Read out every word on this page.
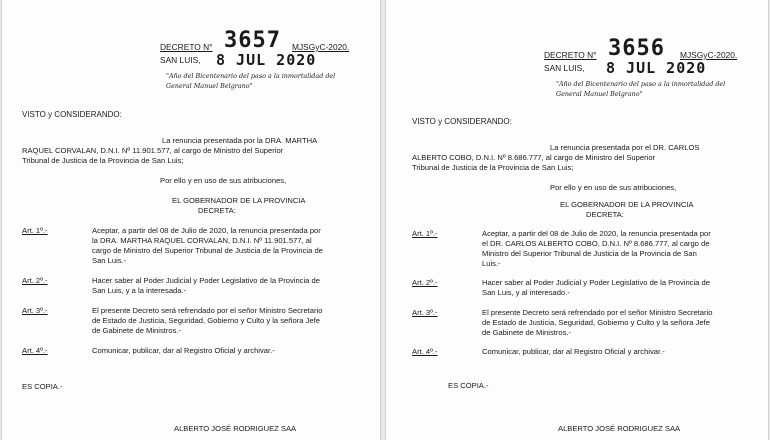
DECRETO N° 3657 MJSGyC-2020.
SAN LUIS, 8 JUL 2020
"Año del Bicentenario del paso a la inmortalidad del
General Manuel Belgrano"
VISTO y CONSIDERANDO:
La renuncia presentada por la DRA. MARTHA
RAQUEL CORVALAN, D.N.I. Nº 11.901.577, al cargo de Ministro del Superior
Tribunal de Justicia de la Provincia de San Luis;
Por ello y en uso de sus atribuciones,
EL GOBERNADOR DE LA PROVINCIA
DECRETA:
Art. 1º.-	Aceptar, a partir del 08 de Julio de 2020, la renuncia presentada por
la DRA. MARTHA RAQUEL CORVALAN, D.N.I. Nº 11.901.577, al
cargo de Ministro del Superior Tribunal de Justicia de la Provincia de
San Luis.-
Art. 2º.-	Hacer saber al Poder Judicial y Poder Legislativo de la Provincia de
San Luis, y a la interesada.-
Art. 3º.-	El presente Decreto será refrendado por el señor Ministro Secretario
de Estado de Justicia, Seguridad, Gobierno y Culto y la señora Jefe
de Gabinete de Ministros.-
Art. 4º.-	Comunicar, publicar, dar al Registro Oficial y archivar.-
ES COPIA.-
ALBERTO JOSÉ RODRIGUEZ SAA
DECRETO N° 3656 MJSGyC-2020.
SAN LUIS, 8 JUL 2020
"Año del Bicentenario del paso a la inmortalidad del
General Manuel Belgrano"
VISTO y CONSIDERANDO:
La renuncia presentada por el DR. CARLOS
ALBERTO COBO, D.N.I. Nº 8.686.777, al cargo de Ministro del Superior
Tribunal de Justicia de la Provincia de San Luis;
Por ello y en uso de sus atribuciones,
EL GOBERNADOR DE LA PROVINCIA
DECRETA:
Art. 1º.-	Aceptar, a partir del 08 de Julio de 2020, la renuncia presentada por
el DR. CARLOS ALBERTO COBO, D.N.I. Nº 8.686.777, al cargo de
Ministro del Superior Tribunal de Justicia de la Provincia de San
Luis.-
Art. 2º.-	Hacer saber al Poder Judicial y Poder Legislativo de la Provincia de
San Luis, y al interesado.-
Art. 3º.-	El presente Decreto será refrendado por el señor Ministro Secretario
de Estado de Justicia, Seguridad, Gobierno y Culto y la señora Jefe
de Gabinete de Ministros.-
Art. 4º.-	Comunicar, publicar, dar al Registro Oficial y archivar.-
ES COPIA.-
ALBERTO JOSÉ RODRIGUEZ SAA
